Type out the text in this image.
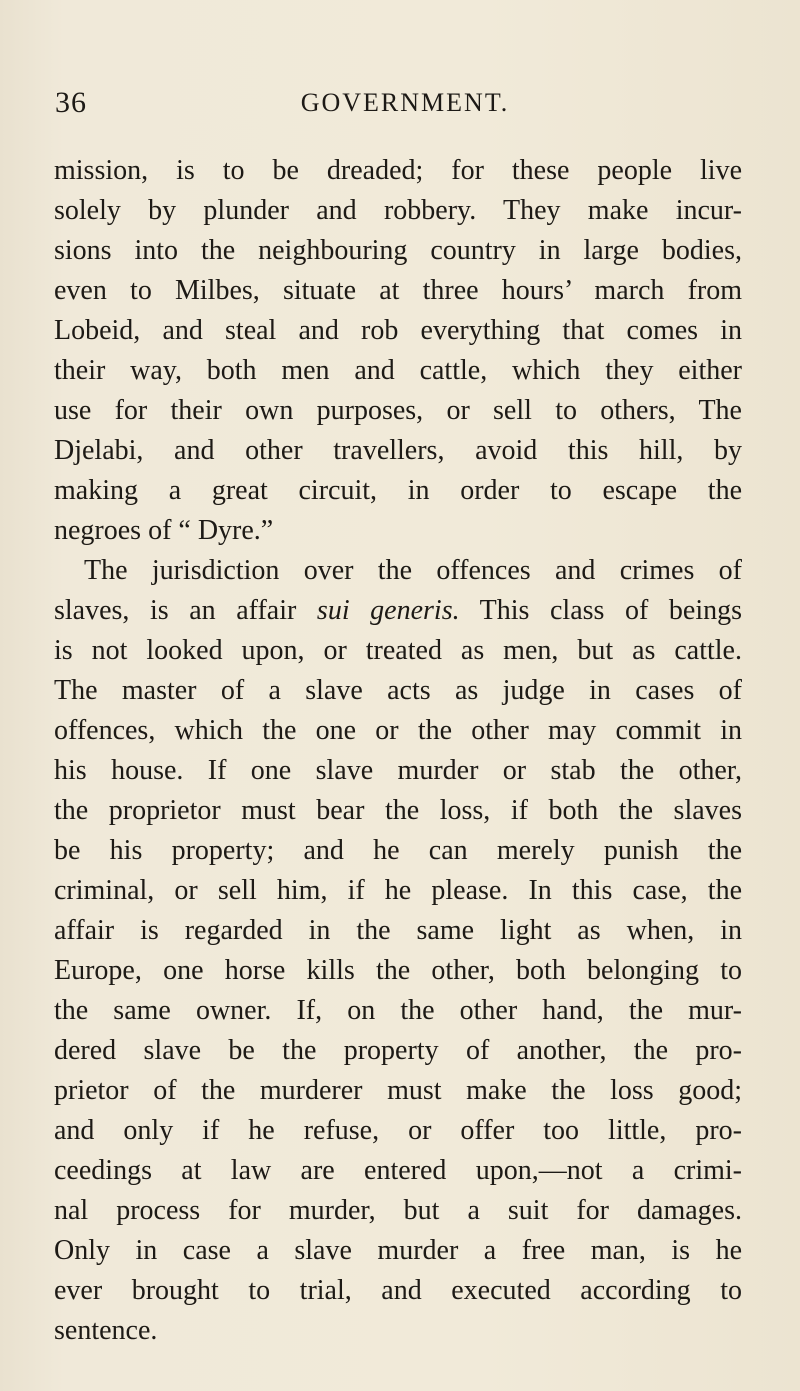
36	GOVERNMENT.
mission, is to be dreaded; for these people live
solely by plunder and robbery. They make incur-
sions into the neighbouring country in large bodies,
even to Milbes, situate at three hours’ march from
Lobeid, and steal and rob everything that comes in
their way, both men and cattle, which they either
use for their own purposes, or sell to others, The
Djelabi, and other travellers, avoid this hill, by
making a great circuit, in order to escape the
negroes of “ Dyre.”
The jurisdiction over the offences and crimes of
slaves, is an affair sui generis. This class of beings
is not looked upon, or treated as men, but as cattle.
The master of a slave acts as judge in cases of
offences, which the one or the other may commit in
his house. If one slave murder or stab the other,
the proprietor must bear the loss, if both the slaves
be his property; and he can merely punish the
criminal, or sell him, if he please. In this case, the
affair is regarded in the same light as when, in
Europe, one horse kills the other, both belonging to
the same owner. If, on the other hand, the mur-
dered slave be the property of another, the pro-
prietor of the murderer must make the loss good;
and only if he refuse, or offer too little, pro-
ceedings at law are entered upon,—not a crimi-
nal process for murder, but a suit for damages.
Only in case a slave murder a free man, is he
ever brought to trial, and executed according to
sentence.
